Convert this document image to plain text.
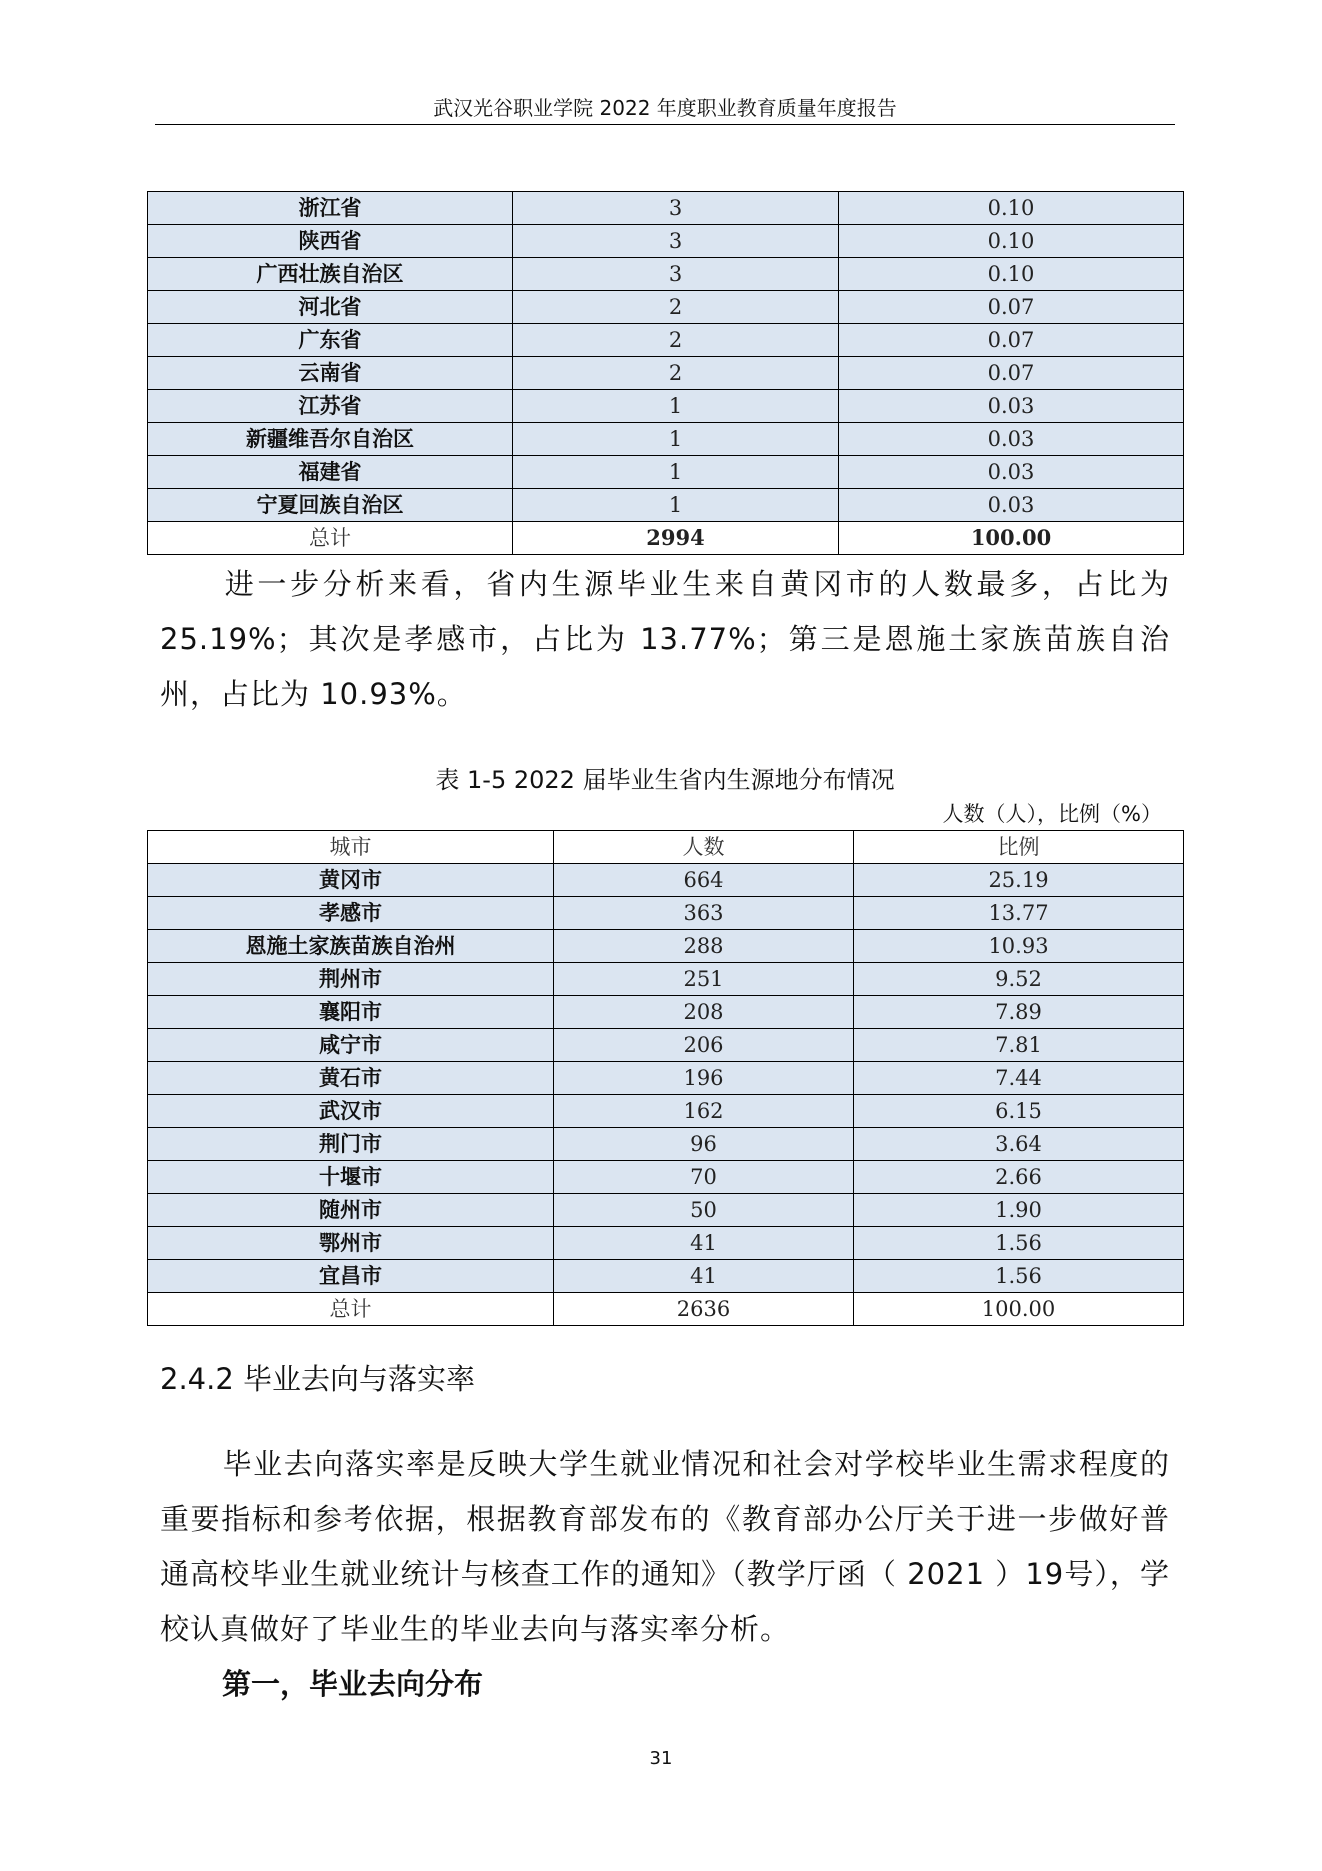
武汉光谷职业学院 2022 年度职业教育质量年度报告
浙江省	3	0.10
陕西省	3	0.10
广西壮族自治区	3	0.10
河北省	2	0.07
广东省	2	0.07
云南省	2	0.07
江苏省	1	0.03
新疆维吾尔自治区	1	0.03
福建省	1	0.03
宁夏回族自治区	1	0.03
总计	2994	100.00
进一步分析来看，省内生源毕业生来自黄冈市的人数最多，占比为25.19%；其次是孝感市，占比为 13.77%；第三是恩施土家族苗族自治州，占比为 10.93%。
表 1-5 2022 届毕业生省内生源地分布情况
人数（人），比例（%）
城市	人数	比例
黄冈市	664	25.19
孝感市	363	13.77
恩施土家族苗族自治州	288	10.93
荆州市	251	9.52
襄阳市	208	7.89
咸宁市	206	7.81
黄石市	196	7.44
武汉市	162	6.15
荆门市	96	3.64
十堰市	70	2.66
随州市	50	1.90
鄂州市	41	1.56
宜昌市	41	1.56
总计	2636	100.00
2.4.2 毕业去向与落实率
毕业去向落实率是反映大学生就业情况和社会对学校毕业生需求程度的重要指标和参考依据，根据教育部发布的《教育部办公厅关于进一步做好普通高校毕业生就业统计与核查工作的通知》（教学厅函（ 2021 ）19号），学校认真做好了毕业生的毕业去向与落实率分析。
第一，毕业去向分布
31
